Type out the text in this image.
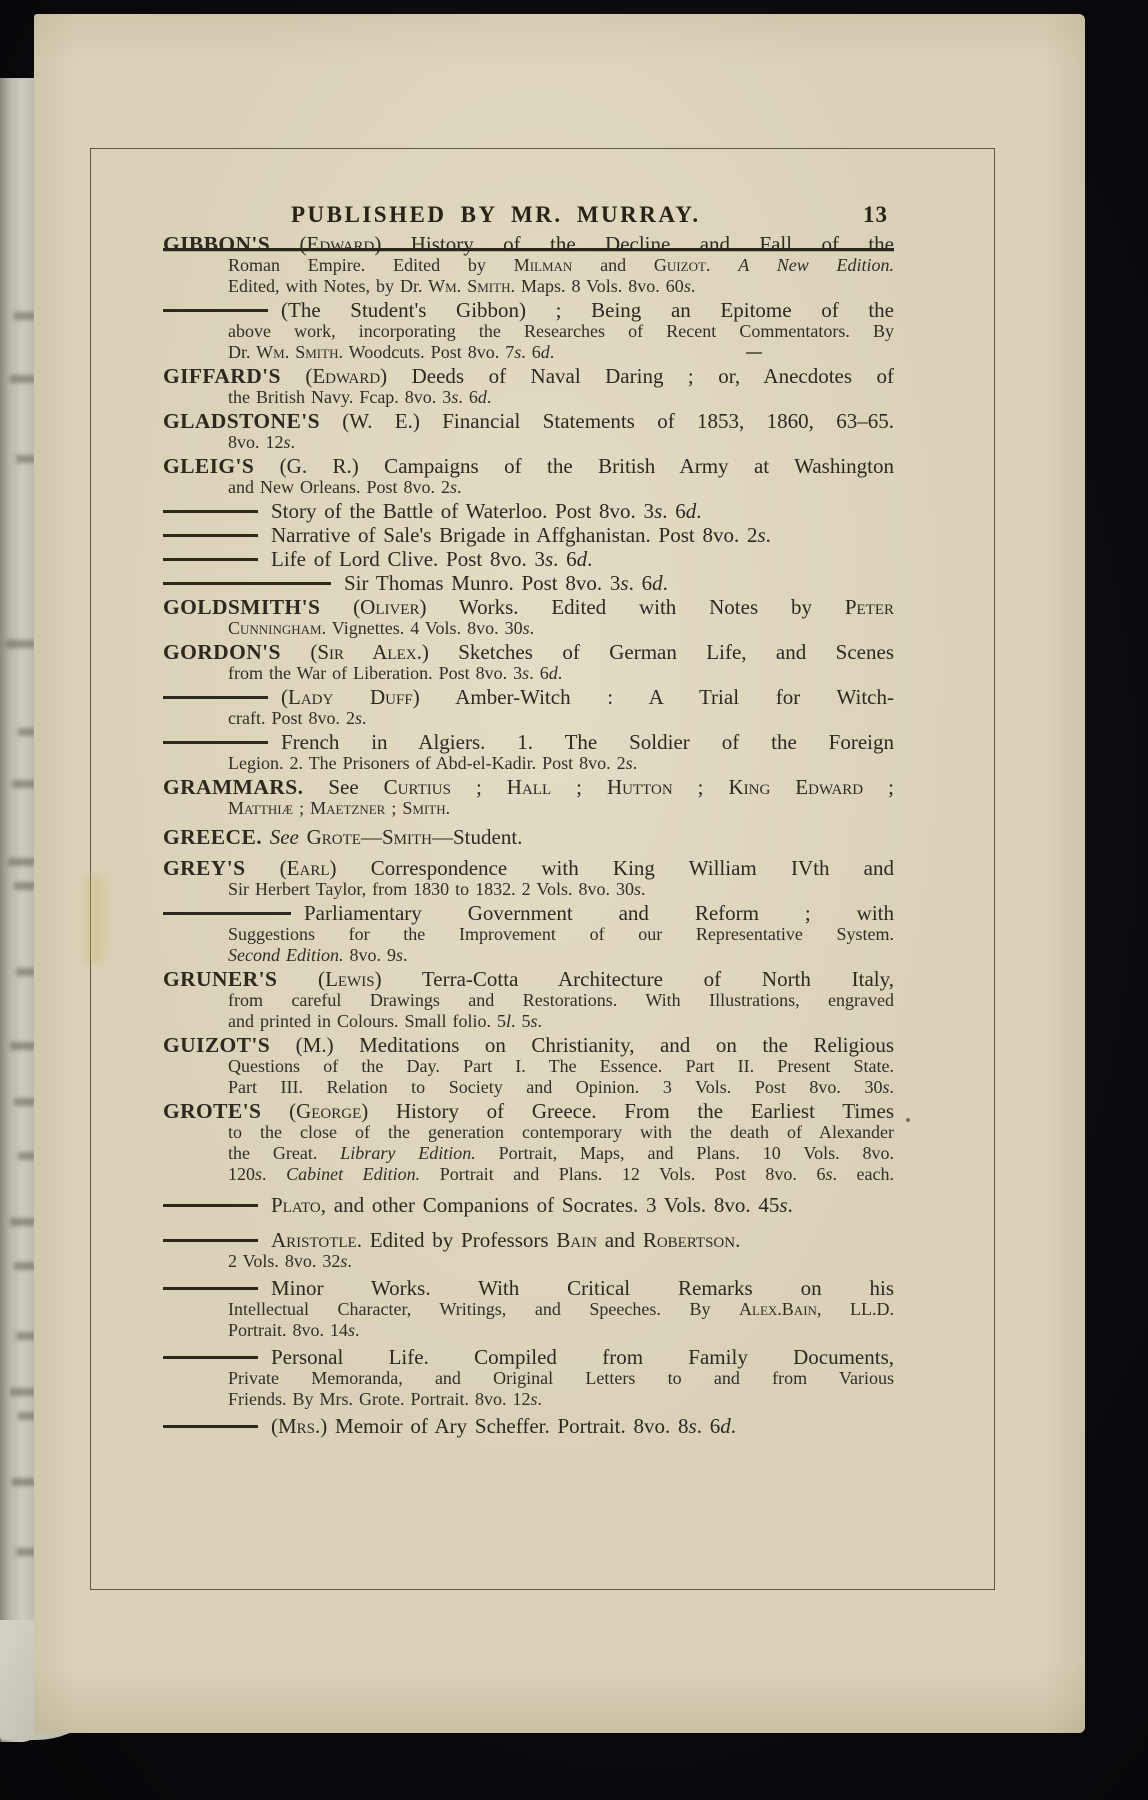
PUBLISHED BY MR. MURRAY.	13
GIBBON'S (Edward) History of the Decline and Fall of the
Roman Empire. Edited by Milman and Guizot. A New Edition.
Edited, with Notes, by Dr. Wm. Smith. Maps. 8 Vols. 8vo. 60s.
(The Student's Gibbon) ; Being an Epitome of the
above work, incorporating the Researches of Recent Commentators. By
Dr. Wm. Smith. Woodcuts. Post 8vo. 7s. 6d.
GIFFARD'S (Edward) Deeds of Naval Daring ; or, Anecdotes of
the British Navy. Fcap. 8vo. 3s. 6d.
GLADSTONE'S (W. E.) Financial Statements of 1853, 1860, 63–65.
8vo. 12s.
GLEIG'S (G. R.) Campaigns of the British Army at Washington
and New Orleans. Post 8vo. 2s.
Story of the Battle of Waterloo. Post 8vo. 3s. 6d.
Narrative of Sale's Brigade in Affghanistan. Post 8vo. 2s.
Life of Lord Clive. Post 8vo. 3s. 6d.
Sir Thomas Munro. Post 8vo. 3s. 6d.
GOLDSMITH'S (Oliver) Works. Edited with Notes by Peter
Cunningham. Vignettes. 4 Vols. 8vo. 30s.
GORDON'S (Sir Alex.) Sketches of German Life, and Scenes
from the War of Liberation. Post 8vo. 3s. 6d.
(Lady Duff) Amber-Witch : A Trial for Witch-
craft. Post 8vo. 2s.
French in Algiers. 1. The Soldier of the Foreign
Legion. 2. The Prisoners of Abd-el-Kadir. Post 8vo. 2s.
GRAMMARS. See Curtius ; Hall ; Hutton ; King Edward ;
Matthiæ ; Maetzner ; Smith.
GREECE. See Grote—Smith—Student.
GREY'S (Earl) Correspondence with King William IVth and
Sir Herbert Taylor, from 1830 to 1832. 2 Vols. 8vo. 30s.
Parliamentary Government and Reform ; with
Suggestions for the Improvement of our Representative System.
Second Edition. 8vo. 9s.
GRUNER'S (Lewis) Terra-Cotta Architecture of North Italy,
from careful Drawings and Restorations. With Illustrations, engraved
and printed in Colours. Small folio. 5l. 5s.
GUIZOT'S (M.) Meditations on Christianity, and on the Religious
Questions of the Day. Part I. The Essence. Part II. Present State.
Part III. Relation to Society and Opinion. 3 Vols. Post 8vo. 30s.
GROTE'S (George) History of Greece. From the Earliest Times
to the close of the generation contemporary with the death of Alexander
the Great. Library Edition. Portrait, Maps, and Plans. 10 Vols. 8vo.
120s. Cabinet Edition. Portrait and Plans. 12 Vols. Post 8vo. 6s. each.
Plato, and other Companions of Socrates. 3 Vols. 8vo. 45s.
Aristotle. Edited by Professors Bain and Robertson.
2 Vols. 8vo. 32s.
Minor Works. With Critical Remarks on his
Intellectual Character, Writings, and Speeches. By Alex.Bain, LL.D.
Portrait. 8vo. 14s.
Personal Life. Compiled from Family Documents,
Private Memoranda, and Original Letters to and from Various
Friends. By Mrs. Grote. Portrait. 8vo. 12s.
(Mrs.) Memoir of Ary Scheffer. Portrait. 8vo. 8s. 6d.
